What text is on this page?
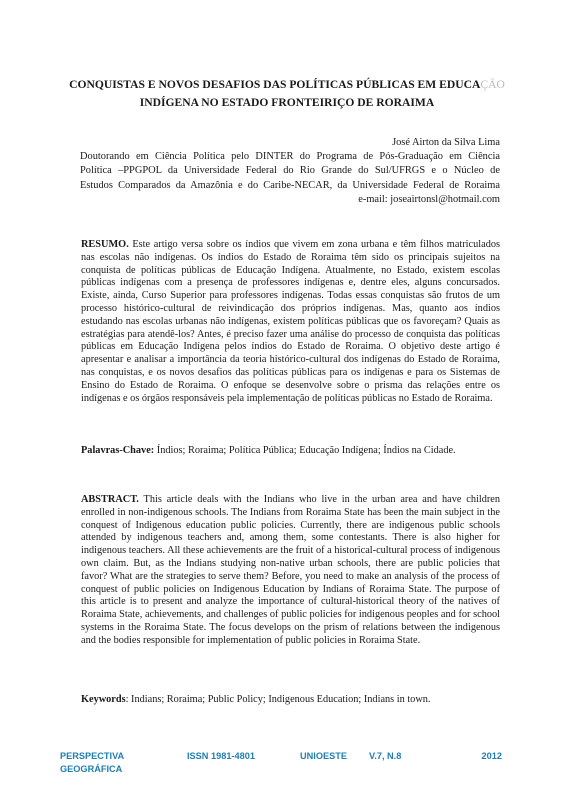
CONQUISTAS E NOVOS DESAFIOS DAS POLÍTICAS PÚBLICAS EM EDUCAÇÃO
INDÍGENA NO ESTADO FRONTEIRIÇO DE RORAIMA
José Airton da Silva Lima
Doutorando em Ciência Política pelo DINTER do Programa de Pós-Graduação em Ciência
Política –PPGPOL da Universidade Federal do Rio Grande do Sul/UFRGS e o Núcleo de
Estudos Comparados da Amazônia e do Caribe-NECAR, da Universidade Federal de Roraima
e-mail: joseairtonsl@hotmail.com
RESUMO. Este artigo versa sobre os índios que vivem em zona urbana e têm filhos matriculados nas escolas não indígenas. Os índios do Estado de Roraima têm sido os principais sujeitos na conquista de políticas públicas de Educação Indígena. Atualmente, no Estado, existem escolas públicas indígenas com a presença de professores indígenas e, dentre eles, alguns concursados. Existe, ainda, Curso Superior para professores indígenas. Todas essas conquistas são frutos de um processo histórico-cultural de reivindicação dos próprios indígenas. Mas, quanto aos índios estudando nas escolas urbanas não indígenas, existem políticas públicas que os favoreçam? Quais as estratégias para atendê-los? Antes, é preciso fazer uma análise do processo de conquista das políticas públicas em Educação Indígena pelos índios do Estado de Roraima. O objetivo deste artigo é apresentar e analisar a importância da teoria histórico-cultural dos indígenas do Estado de Roraima, nas conquistas, e os novos desafios das políticas públicas para os indígenas e para os Sistemas de Ensino do Estado de Roraima. O enfoque se desenvolve sobre o prisma das relações entre os indígenas e os órgãos responsáveis pela implementação de políticas públicas no Estado de Roraima.
Palavras-Chave: Índios; Roraima; Política Pública; Educação Indígena; Índios na Cidade.
ABSTRACT. This article deals with the Indians who live in the urban area and have children enrolled in non-indigenous schools. The Indians from Roraima State has been the main subject in the conquest of Indigenous education public policies. Currently, there are indigenous public schools attended by indigenous teachers and, among them, some contestants. There is also higher for indigenous teachers. All these achievements are the fruit of a historical-cultural process of indigenous own claim. But, as the Indians studying non-native urban schools, there are public policies that favor? What are the strategies to serve them? Before, you need to make an analysis of the process of conquest of public policies on Indigenous Education by Indians of Roraima State. The purpose of this article is to present and analyze the importance of cultural-historical theory of the natives of Roraima State, achievements, and challenges of public policies for indigenous peoples and for school systems in the Roraima State. The focus develops on the prism of relations between the indigenous and the bodies responsible for implementation of public policies in Roraima State.
Keywords: Indians; Roraima; Public Policy; Indigenous Education; Indians in town.
PERSPECTIVA
GEOGRÁFICA
ISSN 1981-4801	UNIOESTE V.7, N.8	2012
